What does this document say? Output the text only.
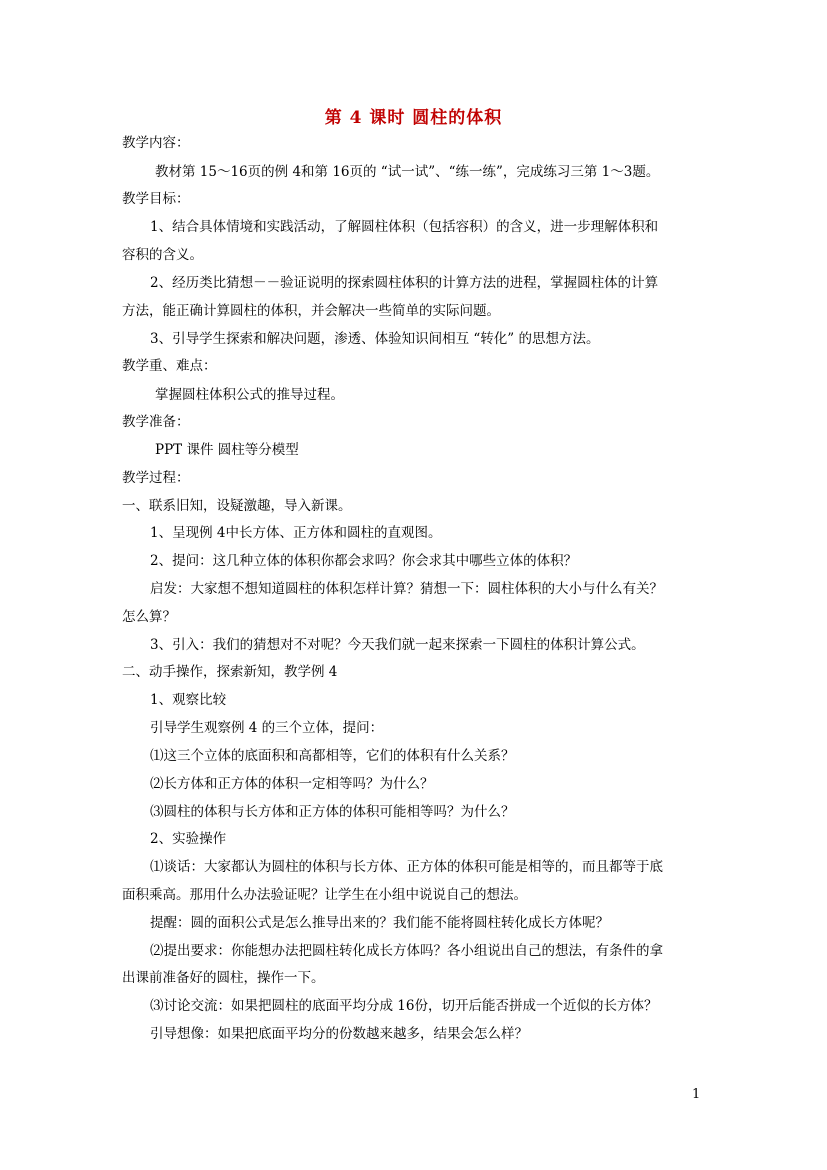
第 4 课时 圆柱的体积
教学内容：
教材第 15～16页的例 4和第 16页的 “试一试”、“练一练”，完成练习三第 1～3题。
教学目标：
1、结合具体情境和实践活动，了解圆柱体积（包括容积）的含义，进一步理解体积和
容积的含义。
2、经历类比猜想－－验证说明的探索圆柱体积的计算方法的进程，掌握圆柱体的计算
方法，能正确计算圆柱的体积，并会解决一些简单的实际问题。
3、引导学生探索和解决问题，渗透、体验知识间相互 “转化” 的思想方法。
教学重、难点：
掌握圆柱体积公式的推导过程。
教学准备：
PPT 课件 圆柱等分模型
教学过程：
一、联系旧知，设疑激趣，导入新课。
1、呈现例 4中长方体、正方体和圆柱的直观图。
2、提问：这几种立体的体积你都会求吗？你会求其中哪些立体的体积？
启发：大家想不想知道圆柱的体积怎样计算？猜想一下：圆柱体积的大小与什么有关？
怎么算？
3、引入：我们的猜想对不对呢？今天我们就一起来探索一下圆柱的体积计算公式。
二、动手操作，探索新知，教学例 4
1、观察比较
引导学生观察例 4 的三个立体，提问：
⑴这三个立体的底面积和高都相等，它们的体积有什么关系？
⑵长方体和正方体的体积一定相等吗？为什么？
⑶圆柱的体积与长方体和正方体的体积可能相等吗？为什么？
2、实验操作
⑴谈话：大家都认为圆柱的体积与长方体、正方体的体积可能是相等的，而且都等于底
面积乘高。那用什么办法验证呢？让学生在小组中说说自己的想法。
提醒：圆的面积公式是怎么推导出来的？我们能不能将圆柱转化成长方体呢？
⑵提出要求：你能想办法把圆柱转化成长方体吗？各小组说出自己的想法，有条件的拿
出课前准备好的圆柱，操作一下。
⑶讨论交流：如果把圆柱的底面平均分成 16份，切开后能否拼成一个近似的长方体？
引导想像：如果把底面平均分的份数越来越多，结果会怎么样？
1
